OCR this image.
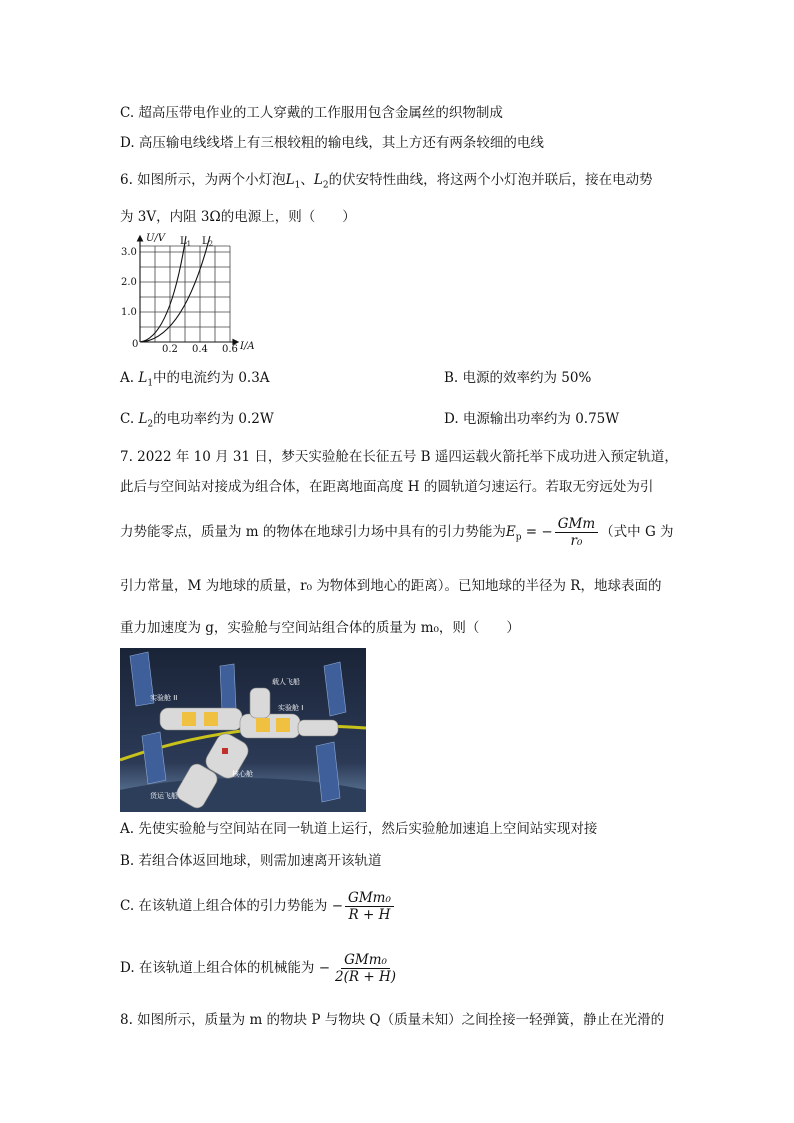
C. 超高压带电作业的工人穿戴的工作服用包含金属丝的织物制成
D. 高压输电线线塔上有三根较粗的输电线，其上方还有两条较细的电线
6. 如图所示，为两个小灯泡$L_1$、$L_2$的伏安特性曲线，将这两个小灯泡并联后，接在电动势
为 3V，内阻 3Ω的电源上，则（　　）
U/V
I/A
3.0
2.0
1.0
0 0.2 0.4 0.6
$L_1$ $L_2$
A. $L_1$中的电流约为 0.3A	B. 电源的效率约为 50%
C. $L_2$的电功率约为 0.2W	D. 电源输出功率约为 0.75W
7. 2022 年 10 月 31 日，梦天实验舱在长征五号 B 遥四运载火箭托举下成功进入预定轨道，
此后与空间站对接成为组合体，在距离地面高度 H 的圆轨道匀速运行。若取无穷远处为引
力势能零点，质量为 m 的物体在地球引力场中具有的引力势能为$E_p$ = − $\frac{\text{GMm}}{\text{r₀}}$ （式中 G 为
引力常量，M 为地球的质量，r₀ 为物体到地心的距离）。已知地球的半径为 R，地球表面的
重力加速度为 g，实验舱与空间站组合体的质量为 m₀，则（　　）
实验舱 II
载人飞船
实验舱 I
核心舱
货运飞船
A. 先使实验舱与空间站在同一轨道上运行，然后实验舱加速追上空间站实现对接
B. 若组合体返回地球，则需加速离开该轨道
C. 在该轨道上组合体的引力势能为 − $\frac{\text{GMm₀}}{R + H}$
D. 在该轨道上组合体的机械能为 − $\frac{\text{GMm₀}}{2(R + H)}$
8. 如图所示，质量为 m 的物块 P 与物块 Q（质量未知）之间拴接一轻弹簧，静止在光滑的
